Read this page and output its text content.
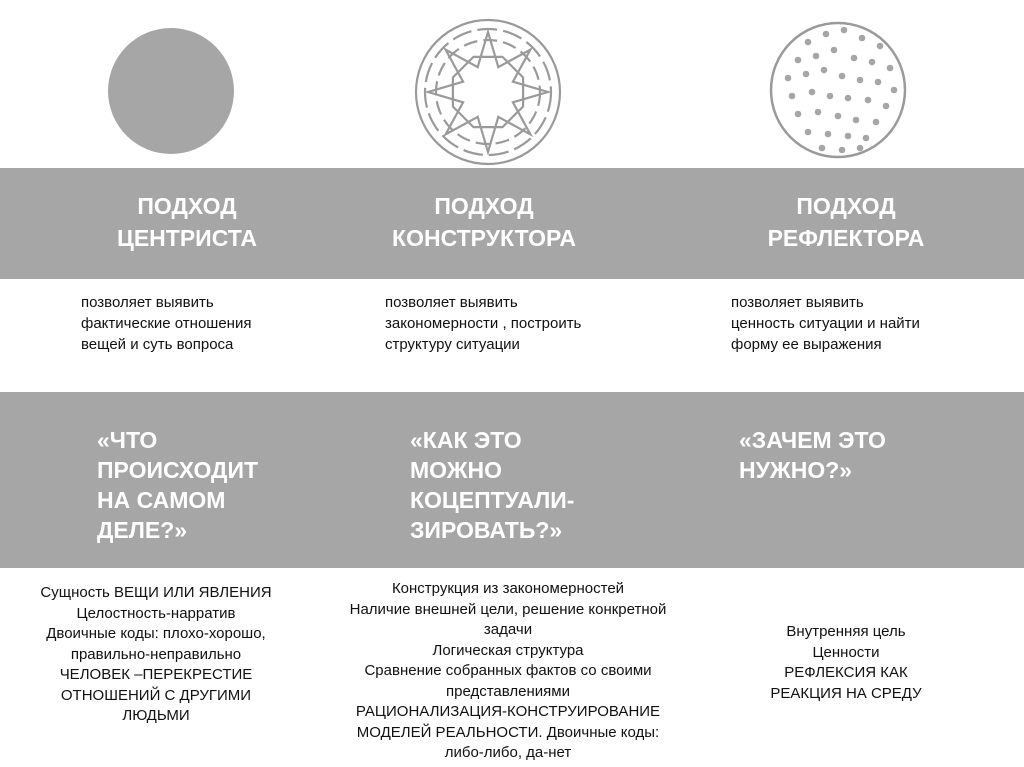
ПОДХОД
ЦЕНТРИСТА
ПОДХОД
КОНСТРУКТОРА
ПОДХОД
РЕФЛЕКТОРА
позволяет выявить
фактические отношения
вещей и суть вопроса
позволяет выявить
закономерности , построить
структуру ситуации
позволяет выявить
ценность ситуации и найти
форму ее выражения
«ЧТО
ПРОИСХОДИТ
НА САМОМ
ДЕЛЕ?»
«КАК ЭТО
МОЖНО
КОЦЕПТУАЛИ-
ЗИРОВАТЬ?»
«ЗАЧЕМ ЭТО
НУЖНО?»
Сущность ВЕЩИ ИЛИ ЯВЛЕНИЯ
Целостность-нарратив
Двоичные коды: плохо-хорошо,
правильно-неправильно
ЧЕЛОВЕК –ПЕРЕКРЕСТИЕ
ОТНОШЕНИЙ С ДРУГИМИ
ЛЮДЬМИ
Конструкция из закономерностей
Наличие внешней цели, решение конкретной
задачи
Логическая структура
Сравнение собранных фактов со своими
представлениями
РАЦИОНАЛИЗАЦИЯ-КОНСТРУИРОВАНИЕ
МОДЕЛЕЙ РЕАЛЬНОСТИ. Двоичные коды:
либо-либо, да-нет
Внутренняя цель
Ценности
РЕФЛЕКСИЯ КАК
РЕАКЦИЯ НА СРЕДУ
